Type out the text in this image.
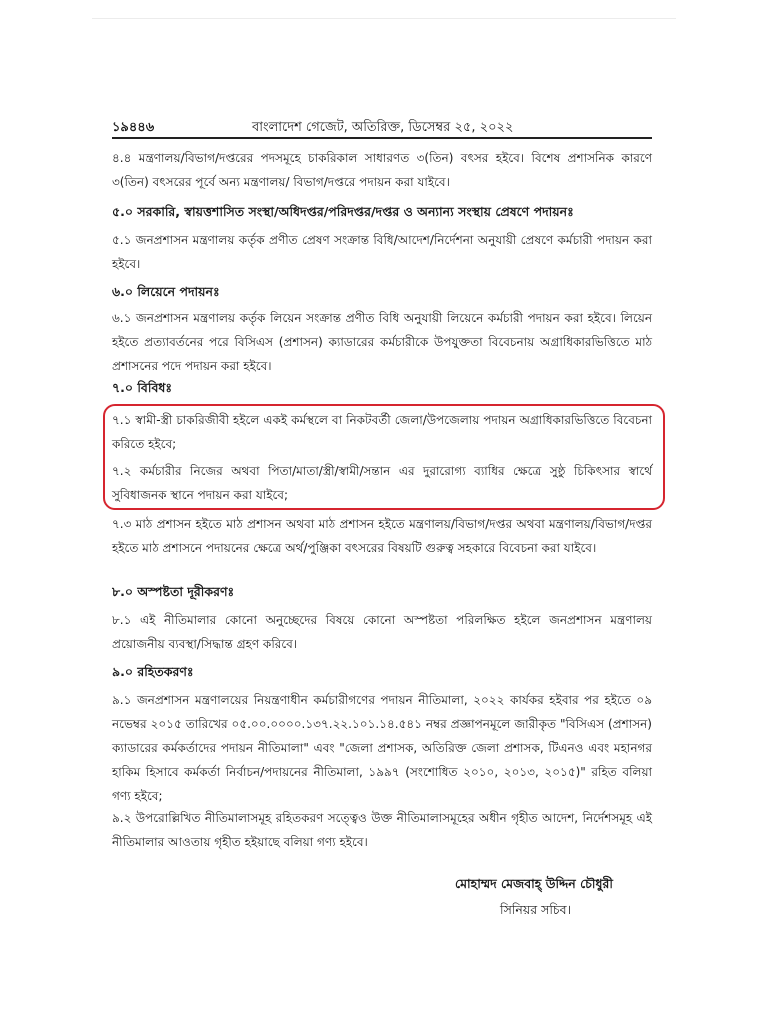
১৯৪৪৬	বাংলাদেশ গেজেট, অতিরিক্ত, ডিসেম্বর ২৫, ২০২২
৪.৪ মন্ত্রণালয়/বিভাগ/দপ্তরের পদসমূহে চাকরিকাল সাধারণত ৩(তিন) বৎসর হইবে। বিশেষ প্রশাসনিক কারণে ৩(তিন) বৎসরের পূর্বে অন্য মন্ত্রণালয়/ বিভাগ/দপ্তরে পদায়ন করা যাইবে।
৫.০ সরকারি, স্বায়ত্তশাসিত সংস্থা/অধিদপ্তর/পরিদপ্তর/দপ্তর ও অন্যান্য সংস্থায় প্রেষণে পদায়নঃ
৫.১ জনপ্রশাসন মন্ত্রণালয় কর্তৃক প্রণীত প্রেষণ সংক্রান্ত বিধি/আদেশ/নির্দেশনা অনুযায়ী প্রেষণে কর্মচারী পদায়ন করা হইবে।
৬.০ লিয়েনে পদায়নঃ
৬.১ জনপ্রশাসন মন্ত্রণালয় কর্তৃক লিয়েন সংক্রান্ত প্রণীত বিধি অনুযায়ী লিয়েনে কর্মচারী পদায়ন করা হইবে। লিয়েন হইতে প্রত্যাবর্তনের পরে বিসিএস (প্রশাসন) ক্যাডারের কর্মচারীকে উপযুক্ততা বিবেচনায় অগ্রাধিকারভিত্তিতে মাঠ প্রশাসনের পদে পদায়ন করা হইবে।
৭.০ বিবিধঃ
৭.১ স্বামী-স্ত্রী চাকরিজীবী হইলে একই কর্মস্থলে বা নিকটবর্তী জেলা/উপজেলায় পদায়ন অগ্রাধিকারভিত্তিতে বিবেচনা করিতে হইবে;
৭.২ কর্মচারীর নিজের অথবা পিতা/মাতা/স্ত্রী/স্বামী/সন্তান এর দুরারোগ্য ব্যাধির ক্ষেত্রে সুষ্ঠু চিকিৎসার স্বার্থে সুবিধাজনক স্থানে পদায়ন করা যাইবে;
৭.৩ মাঠ প্রশাসন হইতে মাঠ প্রশাসন অথবা মাঠ প্রশাসন হইতে মন্ত্রণালয়/বিভাগ/দপ্তর অথবা মন্ত্রণালয়/বিভাগ/দপ্তর হইতে মাঠ প্রশাসনে পদায়নের ক্ষেত্রে অর্থ/পুঞ্জিকা বৎসরের বিষয়টি গুরুত্ব সহকারে বিবেচনা করা যাইবে।
৮.০ অস্পষ্টতা দূরীকরণঃ
৮.১ এই নীতিমালার কোনো অনুচ্ছেদের বিষয়ে কোনো অস্পষ্টতা পরিলক্ষিত হইলে জনপ্রশাসন মন্ত্রণালয় প্রয়োজনীয় ব্যবস্থা/সিদ্ধান্ত গ্রহণ করিবে।
৯.০ রহিতকরণঃ
৯.১ জনপ্রশাসন মন্ত্রণালয়ের নিয়ন্ত্রণাধীন কর্মচারীগণের পদায়ন নীতিমালা, ২০২২ কার্যকর হইবার পর হইতে ০৯ নভেম্বর ২০১৫ তারিখের ০৫.০০.০০০০.১৩৭.২২.১০১.১৪.৫৪১ নম্বর প্রজ্ঞাপনমূলে জারীকৃত "বিসিএস (প্রশাসন) ক্যাডারের কর্মকর্তাদের পদায়ন নীতিমালা" এবং "জেলা প্রশাসক, অতিরিক্ত জেলা প্রশাসক, টিএনও এবং মহানগর হাকিম হিসাবে কর্মকর্তা নির্বাচন/পদায়নের নীতিমালা, ১৯৯৭ (সংশোধিত ২০১০, ২০১৩, ২০১৫)" রহিত বলিয়া গণ্য হইবে;
৯.২ উপরোল্লিখিত নীতিমালাসমূহ রহিতকরণ সত্ত্বেও উক্ত নীতিমালাসমূহের অধীন গৃহীত আদেশ, নির্দেশসমূহ এই নীতিমালার আওতায় গৃহীত হইয়াছে বলিয়া গণ্য হইবে।
মোহাম্মদ মেজবাহ্ উদ্দিন চৌধুরী
সিনিয়র সচিব।
